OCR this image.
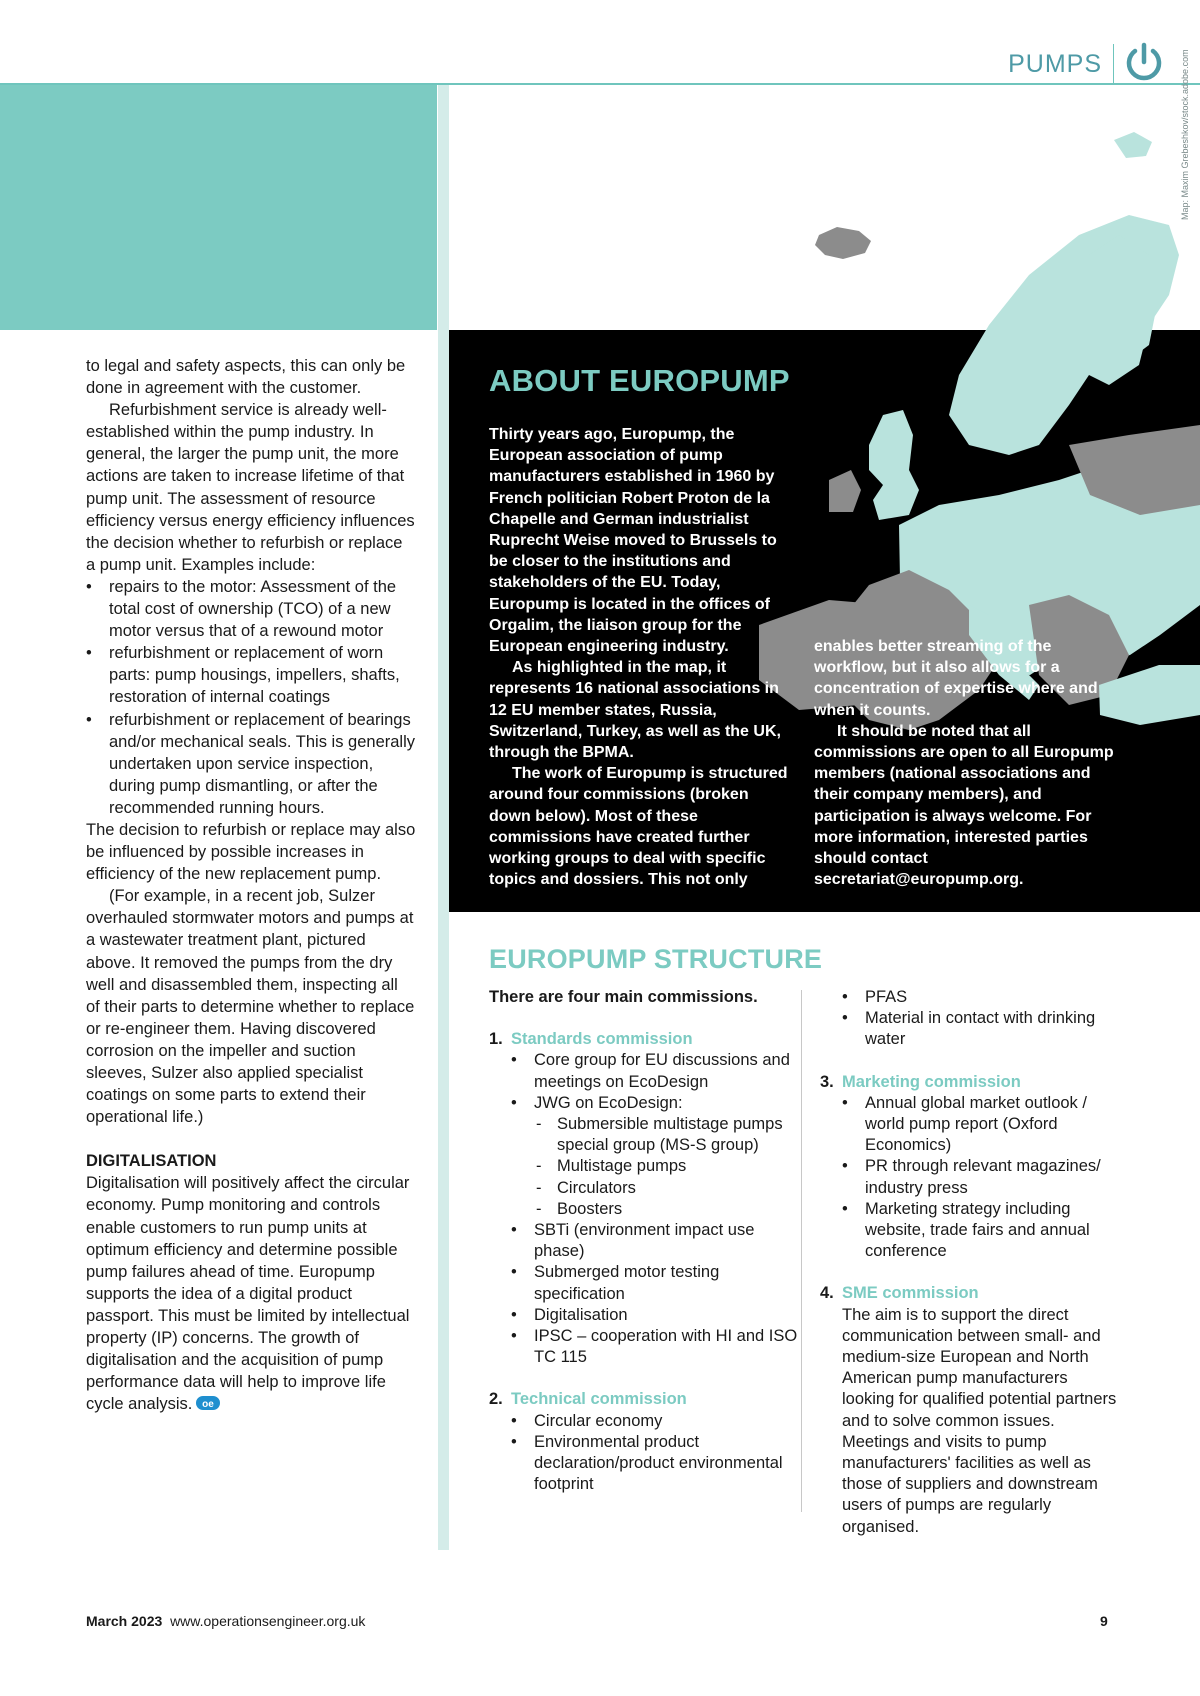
PUMPS	Map: Maxim Grebeshkov/stock.adobe.com

to legal and safety aspects, this can only be done in agreement with the customer.

Refurbishment service is already well-established within the pump industry. In general, the larger the pump unit, the more actions are taken to increase lifetime of that pump unit. The assessment of resource efficiency versus energy efficiency influences the decision whether to refurbish or replace a pump unit. Examples include:

• repairs to the motor: Assessment of the total cost of ownership (TCO) of a new motor versus that of a rewound motor
• refurbishment or replacement of worn parts: pump housings, impellers, shafts, restoration of internal coatings
• refurbishment or replacement of bearings and/or mechanical seals. This is generally undertaken upon service inspection, during pump dismantling, or after the recommended running hours.

The decision to refurbish or replace may also be influenced by possible increases in efficiency of the new replacement pump.

(For example, in a recent job, Sulzer overhauled stormwater motors and pumps at a wastewater treatment plant, pictured above. It removed the pumps from the dry well and disassembled them, inspecting all of their parts to determine whether to replace or re-engineer them. Having discovered corrosion on the impeller and suction sleeves, Sulzer also applied specialist coatings on some parts to extend their operational life.)

DIGITALISATION

Digitalisation will positively affect the circular economy. Pump monitoring and controls enable customers to run pump units at optimum efficiency and determine possible pump failures ahead of time. Europump supports the idea of a digital product passport. This must be limited by intellectual property (IP) concerns. The growth of digitalisation and the acquisition of pump performance data will help to improve life cycle analysis. oe

ABOUT EUROPUMP

Thirty years ago, Europump, the European association of pump manufacturers established in 1960 by French politician Robert Proton de la Chapelle and German industrialist Ruprecht Weise moved to Brussels to be closer to the institutions and stakeholders of the EU. Today, Europump is located in the offices of Orgalim, the liaison group for the European engineering industry.

As highlighted in the map, it represents 16 national associations in 12 EU member states, Russia, Switzerland, Turkey, as well as the UK, through the BPMA.

The work of Europump is structured around four commissions (broken down below). Most of these commissions have created further working groups to deal with specific topics and dossiers. This not only

enables better streaming of the workflow, but it also allows for a concentration of expertise where and when it counts.

It should be noted that all commissions are open to all Europump members (national associations and their company members), and participation is always welcome. For more information, interested parties should contact secretariat@europump.org.

EUROPUMP STRUCTURE
There are four main commissions.
1. Standards commission
• Core group for EU discussions and meetings on EcoDesign
• JWG on EcoDesign:
- Submersible multistage pumps special group (MS-S group)
- Multistage pumps
- Circulators
- Boosters
• SBTi (environment impact use phase)
• Submerged motor testing specification
• Digitalisation
• IPSC – cooperation with HI and ISO TC 115
2. Technical commission
• Circular economy
• Environmental product declaration/product environmental footprint
• PFAS
• Material in contact with drinking water
3. Marketing commission
• Annual global market outlook / world pump report (Oxford Economics)
• PR through relevant magazines/ industry press
• Marketing strategy including website, trade fairs and annual conference
4. SME commission

The aim is to support the direct communication between small- and medium-size European and North American pump manufacturers looking for qualified potential partners and to solve common issues. Meetings and visits to pump manufacturers' facilities as well as those of suppliers and downstream users of pumps are regularly organised.

March 2023 www.operationsengineer.org.uk	9
